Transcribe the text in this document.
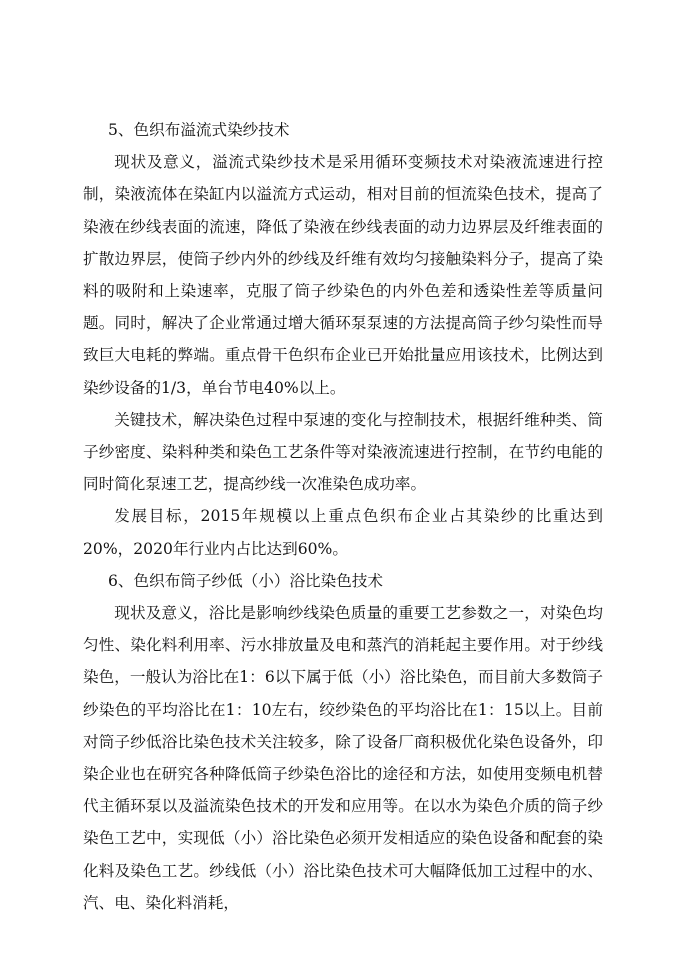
5、色织布溢流式染纱技术

现状及意义，溢流式染纱技术是采用循环变频技术对染液流速进行控制，染液流体在染缸内以溢流方式运动，相对目前的恒流染色技术，提高了染液在纱线表面的流速，降低了染液在纱线表面的动力边界层及纤维表面的扩散边界层，使筒子纱内外的纱线及纤维有效均匀接触染料分子，提高了染料的吸附和上染速率，克服了筒子纱染色的内外色差和透染性差等质量问题。同时，解决了企业常通过增大循环泵泵速的方法提高筒子纱匀染性而导致巨大电耗的弊端。重点骨干色织布企业已开始批量应用该技术，比例达到染纱设备的1/3，单台节电40%以上。

关键技术，解决染色过程中泵速的变化与控制技术，根据纤维种类、筒子纱密度、染料种类和染色工艺条件等对染液流速进行控制，在节约电能的同时简化泵速工艺，提高纱线一次准染色成功率。

发展目标，2015年规模以上重点色织布企业占其染纱的比重达到20%，2020年行业内占比达到60%。

6、色织布筒子纱低（小）浴比染色技术

现状及意义，浴比是影响纱线染色质量的重要工艺参数之一，对染色均匀性、染化料利用率、污水排放量及电和蒸汽的消耗起主要作用。对于纱线染色，一般认为浴比在1：6以下属于低（小）浴比染色，而目前大多数筒子纱染色的平均浴比在1：10左右，绞纱染色的平均浴比在1：15以上。目前对筒子纱低浴比染色技术关注较多，除了设备厂商积极优化染色设备外，印染企业也在研究各种降低筒子纱染色浴比的途径和方法，如使用变频电机替代主循环泵以及溢流染色技术的开发和应用等。在以水为染色介质的筒子纱染色工艺中，实现低（小）浴比染色必须开发相适应的染色设备和配套的染化料及染色工艺。纱线低（小）浴比染色技术可大幅降低加工过程中的水、汽、电、染化料消耗，
